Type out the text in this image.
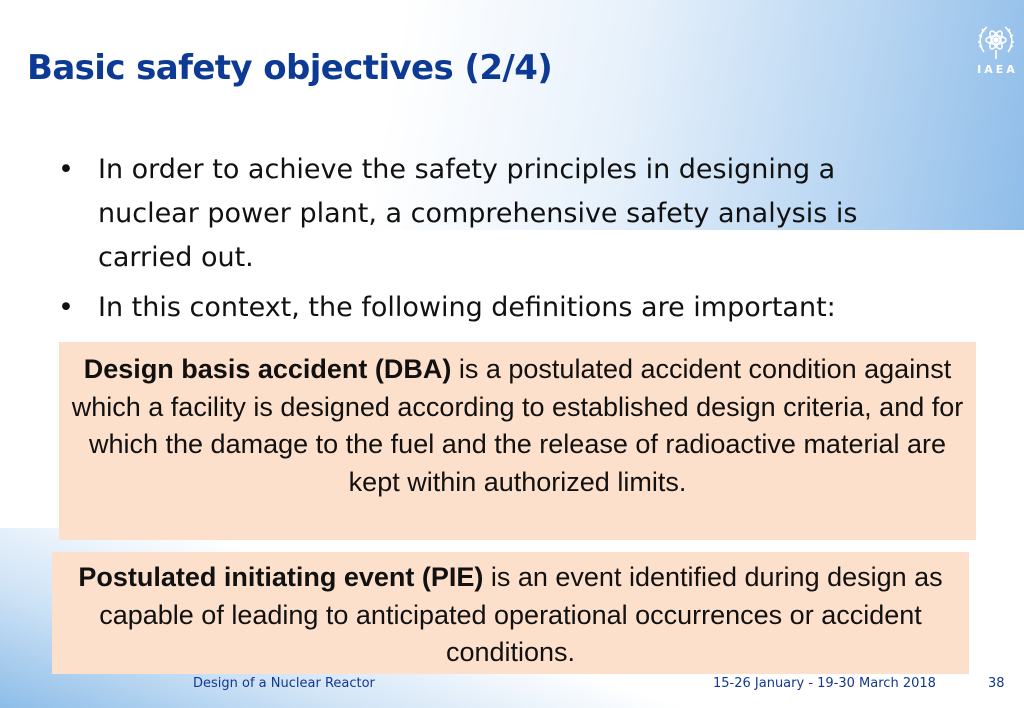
Basic safety objectives (2/4)	IAEA
• In order to achieve the safety principles in designing a nuclear power plant, a comprehensive safety analysis is carried out.
• In this context, the following definitions are important:
Design basis accident (DBA) is a postulated accident condition against which a facility is designed according to established design criteria, and for which the damage to the fuel and the release of radioactive material are kept within authorized limits.
Postulated initiating event (PIE) is an event identified during design as capable of leading to anticipated operational occurrences or accident conditions.
Design of a Nuclear Reactor	15-26 January - 19-30 March 2018	38
